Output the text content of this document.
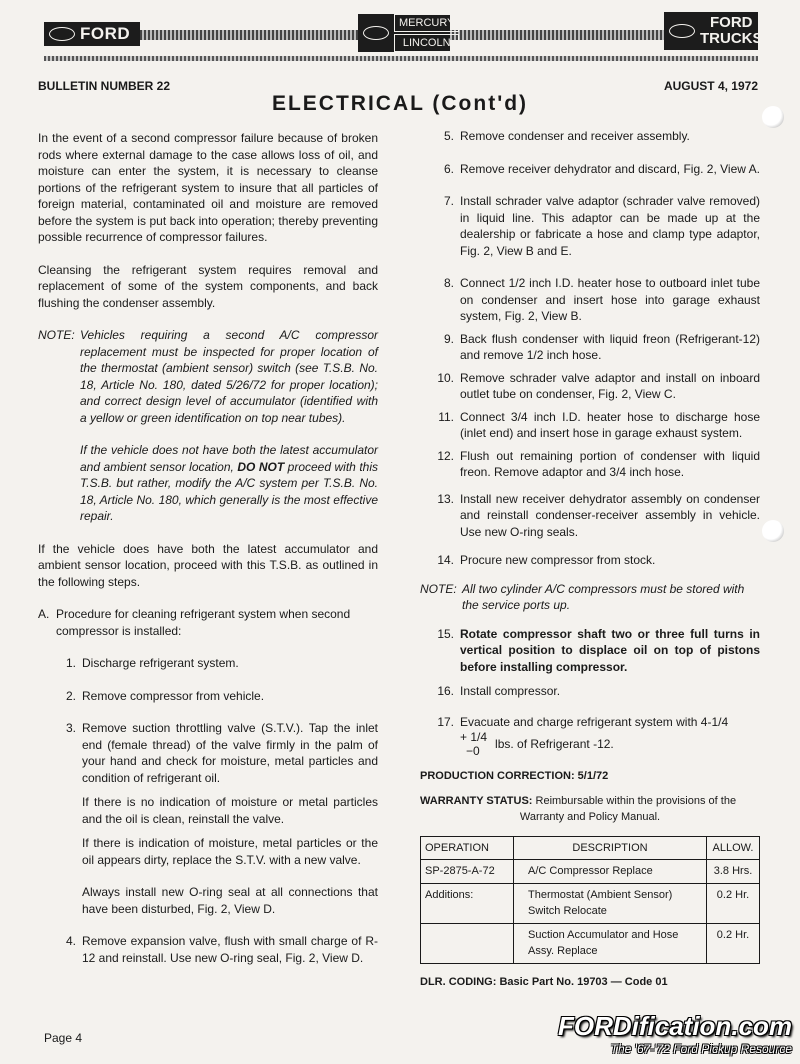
FORD
MERCURY
LINCOLN
FORD
TRUCKS
BULLETIN NUMBER 22	AUGUST 4, 1972
ELECTRICAL (Cont'd)

In the event of a second compressor failure because of broken rods where external damage to the case allows loss of oil, and moisture can enter the system, it is necessary to cleanse portions of the refrigerant system to insure that all particles of foreign material, contaminated oil and moisture are removed before the system is put back into operation; thereby preventing possible recurrence of compressor failures.

Cleansing the refrigerant system requires removal and replacement of some of the system components, and back flushing the condenser assembly.

NOTE: Vehicles requiring a second A/C compressor replacement must be inspected for proper location of the thermostat (ambient sensor) switch (see T.S.B. No. 18, Article No. 180, dated 5/26/72 for proper location); and correct design level of accumulator (identified with a yellow or green identification on top near tubes).

If the vehicle does not have both the latest accumulator and ambient sensor location, DO NOT proceed with this T.S.B. but rather, modify the A/C system per T.S.B. No. 18, Article No. 180, which generally is the most effective repair.

If the vehicle does have both the latest accumulator and ambient sensor location, proceed with this T.S.B. as outlined in the following steps.

A. Procedure for cleaning refrigerant system when second compressor is installed:
1. Discharge refrigerant system.
2. Remove compressor from vehicle.
3. Remove suction throttling valve (S.T.V.). Tap the inlet end (female thread) of the valve firmly in the palm of your hand and check for moisture, metal particles and condition of refrigerant oil.

If there is no indication of moisture or metal particles and the oil is clean, reinstall the valve.

If there is indication of moisture, metal particles or the oil appears dirty, replace the S.T.V. with a new valve.

Always install new O-ring seal at all connections that have been disturbed, Fig. 2, View D.

4. Remove expansion valve, flush with small charge of R-12 and reinstall. Use new O-ring seal, Fig. 2, View D.
5. Remove condenser and receiver assembly.
6. Remove receiver dehydrator and discard, Fig. 2, View A.
7. Install schrader valve adaptor (schrader valve removed) in liquid line. This adaptor can be made up at the dealership or fabricate a hose and clamp type adaptor, Fig. 2, View B and E.
8. Connect 1/2 inch I.D. heater hose to outboard inlet tube on condenser and insert hose into garage exhaust system, Fig. 2, View B.
9. Back flush condenser with liquid freon (Refrigerant-12) and remove 1/2 inch hose.
10. Remove schrader valve adaptor and install on inboard outlet tube on condenser, Fig. 2, View C.
11. Connect 3/4 inch I.D. heater hose to discharge hose (inlet end) and insert hose in garage exhaust system.
12. Flush out remaining portion of condenser with liquid freon. Remove adaptor and 3/4 inch hose.
13. Install new receiver dehydrator assembly on condenser and reinstall condenser-receiver assembly in vehicle. Use new O-ring seals.
14. Procure new compressor from stock.
NOTE: All two cylinder A/C compressors must be stored with the service ports up.
15. Rotate compressor shaft two or three full turns in vertical position to displace oil on top of pistons before installing compressor.
16. Install compressor.
17. Evacuate and charge refrigerant system with 4-1/4
+ 1/4
−0
lbs. of Refrigerant -12.
PRODUCTION CORRECTION: 5/1/72
WARRANTY STATUS: Reimbursable within the provisions of the
Warranty and Policy Manual.
OPERATION	DESCRIPTION	ALLOW.
SP-2875-A-72	A/C Compressor Replace	3.8 Hrs.
Additions:	Thermostat (Ambient Sensor) Switch Relocate	0.2 Hr.
	Suction Accumulator and Hose Assy. Replace	0.2 Hr.
DLR. CODING: Basic Part No. 19703 — Code 01
Page 4	FORDification.com
The '67-'72 Ford Pickup Resource
